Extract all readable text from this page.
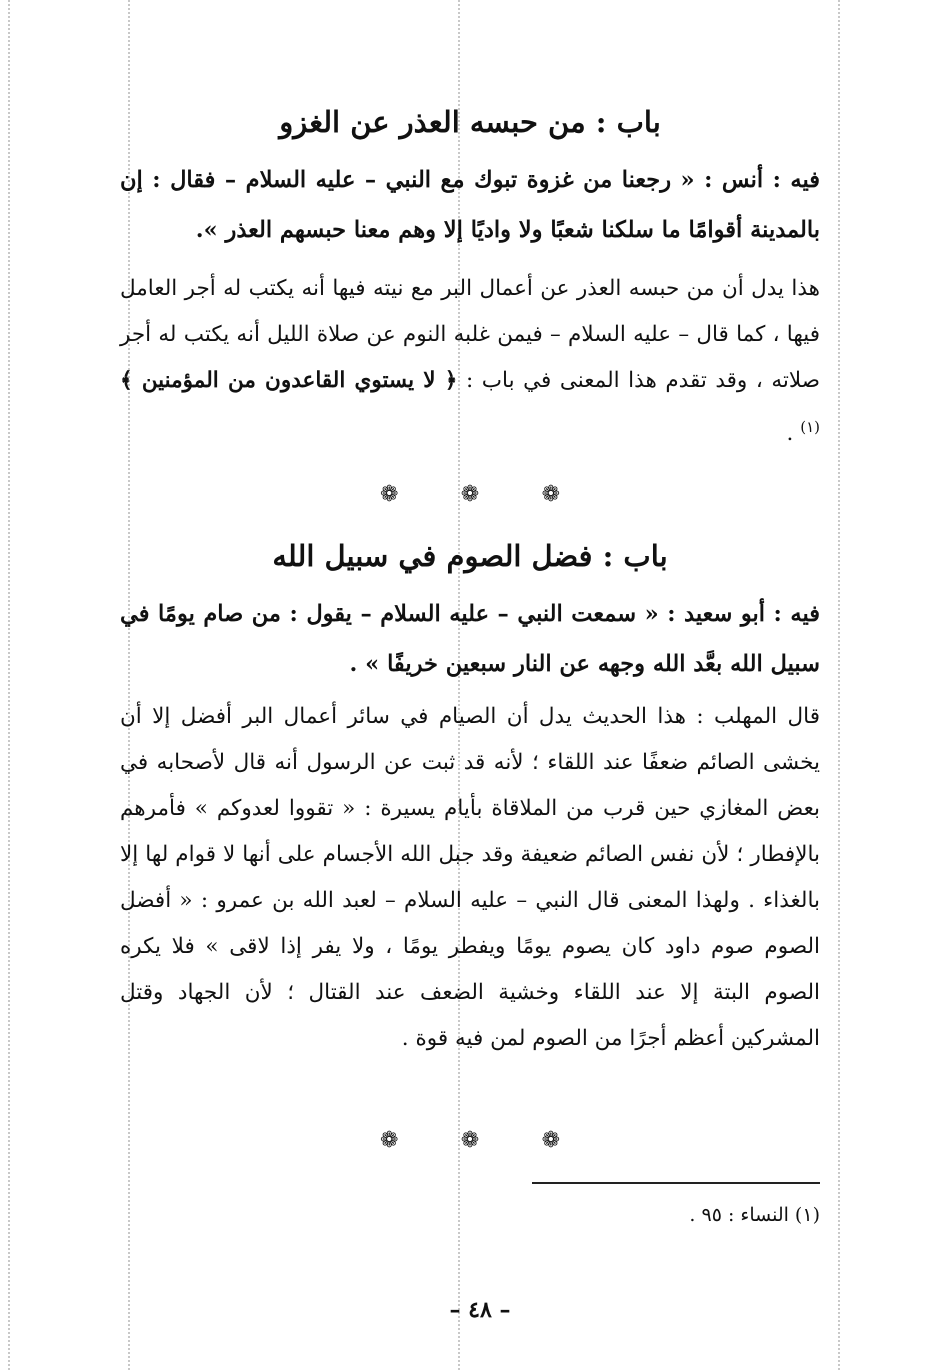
باب : من حبسه العذر عن الغزو
فيه : أنس : « رجعنا من غزوة تبوك مع النبي – عليه السلام – فقال : إن بالمدينة أقوامًا ما سلكنا شعبًا ولا واديًا إلا وهم معنا حبسهم العذر ».
هذا يدل أن من حبسه العذر عن أعمال البر مع نيته فيها أنه يكتب له أجر العامل فيها ، كما قال – عليه السلام – فيمن غلبه النوم عن صلاة الليل أنه يكتب له أجر صلاته ، وقد تقدم هذا المعنى في باب : ﴿ لا يستوي القاعدون من المؤمنين ﴾ $^{(١)}$ .
❁
❁
❁
باب : فضل الصوم في سبيل الله
فيه : أبو سعيد : « سمعت النبي – عليه السلام – يقول : من صام يومًا في سبيل الله بعَّد الله وجهه عن النار سبعين خريفًا » .
قال المهلب : هذا الحديث يدل أن الصيام في سائر أعمال البر أفضل إلا أن يخشى الصائم ضعفًا عند اللقاء ؛ لأنه قد ثبت عن الرسول أنه قال لأصحابه في بعض المغازي حين قرب من الملاقاة بأيام يسيرة : « تقووا لعدوكم » فأمرهم بالإفطار ؛ لأن نفس الصائم ضعيفة وقد جبل الله الأجسام على أنها لا قوام لها إلا بالغذاء . ولهذا المعنى قال النبي – عليه السلام – لعبد الله بن عمرو : « أفضل الصوم صوم داود كان يصوم يومًا ويفطر يومًا ، ولا يفر إذا لاقى » فلا يكره الصوم البتة إلا عند اللقاء وخشية الضعف عند القتال ؛ لأن الجهاد وقتل المشركين أعظم أجرًا من الصوم لمن فيه قوة .
❁
❁
❁
(١) النساء : ٩٥ .
– ٤٨ –
